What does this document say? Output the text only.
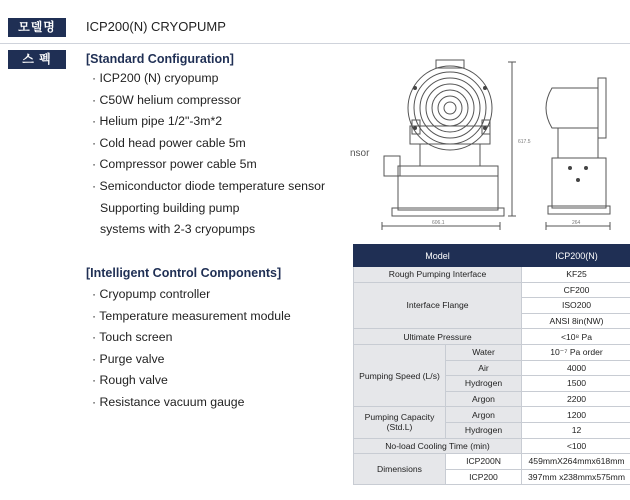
모델명	ICP200(N) CRYOPUMP
스 펙	[Standard Configuration]
· ICP200 (N) cryopump
· C50W helium compressor
· Helium pipe 1/2"-3m*2
· Cold head power cable 5m
· Compressor power cable 5m
· Semiconductor diode temperature sensor
Supporting building pump
systems with 2-3 cryopumps
[Intelligent Control Components]
· Cryopump controller
· Temperature measurement module
· Touch screen
· Purge valve
· Rough valve
· Resistance vacuum gauge
nsor
606.1
617.5
264
Model		ICP200(N)
Rough Pumping Interface		KF25
Interface Flange		CF200
		ISO200
		ANSI 8in(NW)
Ultimate Pressure		<10⁸ Pa
Pumping Speed (L/s)	Water	10⁻⁷ Pa order
	Air	4000
	Hydrogen	1500
	Argon	2200
Pumping Capacity
(Std.L)	Argon	1200
	Hydrogen	12
No-load Cooling Time (min)		<100
Dimensions	ICP200N	459mmX264mmx618mm
	ICP200	397mm x238mmx575mm
